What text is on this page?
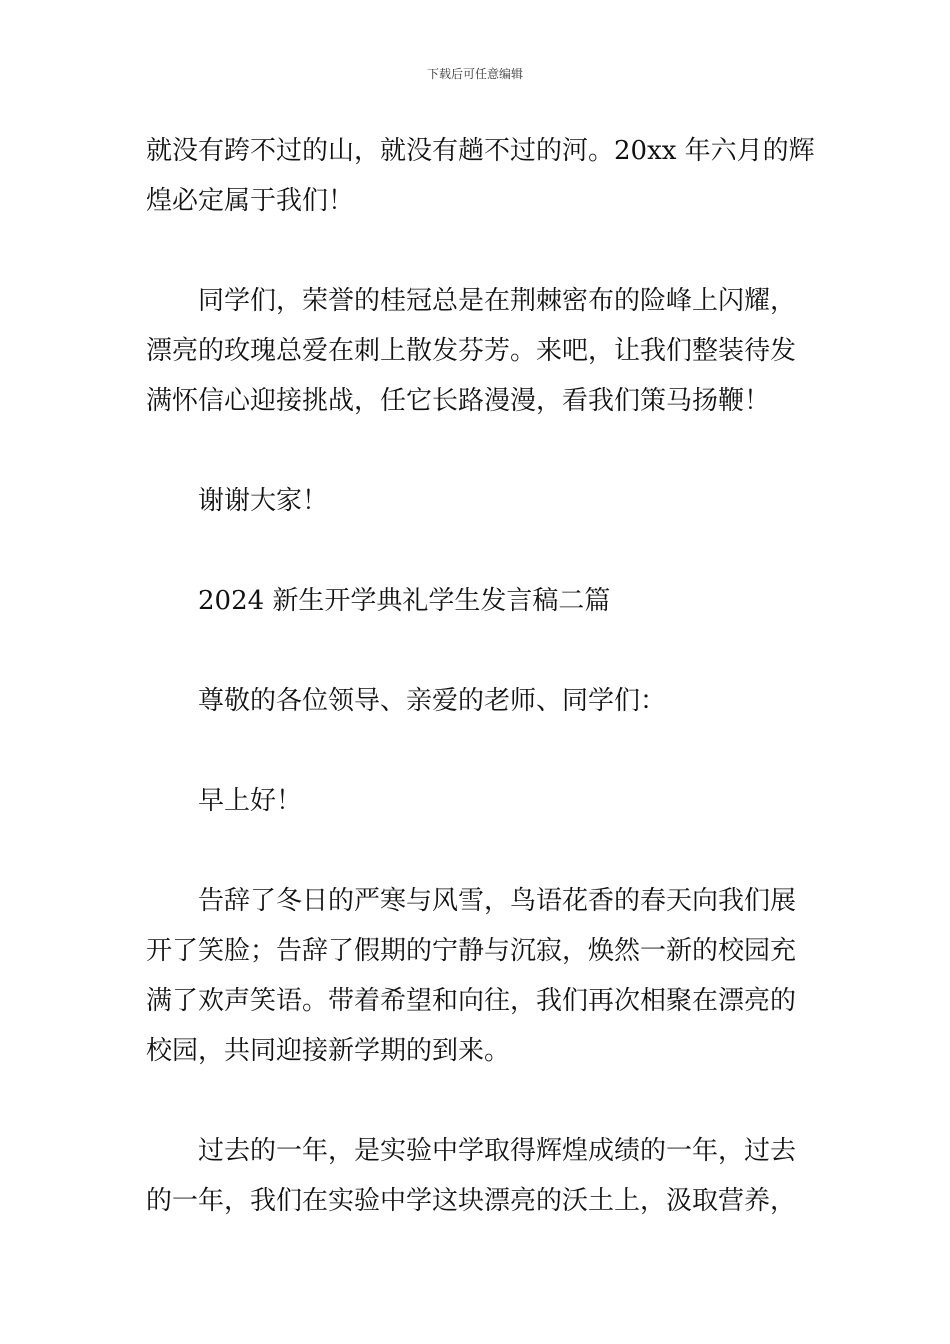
下载后可任意编辑
就没有跨不过的山，就没有趟不过的河。20xx 年六月的辉
煌必定属于我们！
同学们，荣誉的桂冠总是在荆棘密布的险峰上闪耀，
漂亮的玫瑰总爱在刺上散发芬芳。来吧，让我们整装待发
满怀信心迎接挑战，任它长路漫漫，看我们策马扬鞭！
谢谢大家！
2024 新生开学典礼学生发言稿二篇
尊敬的各位领导、亲爱的老师、同学们：
早上好！
告辞了冬日的严寒与风雪，鸟语花香的春天向我们展
开了笑脸；告辞了假期的宁静与沉寂，焕然一新的校园充
满了欢声笑语。带着希望和向往，我们再次相聚在漂亮的
校园，共同迎接新学期的到来。
过去的一年，是实验中学取得辉煌成绩的一年，过去
的一年，我们在实验中学这块漂亮的沃土上，汲取营养，
